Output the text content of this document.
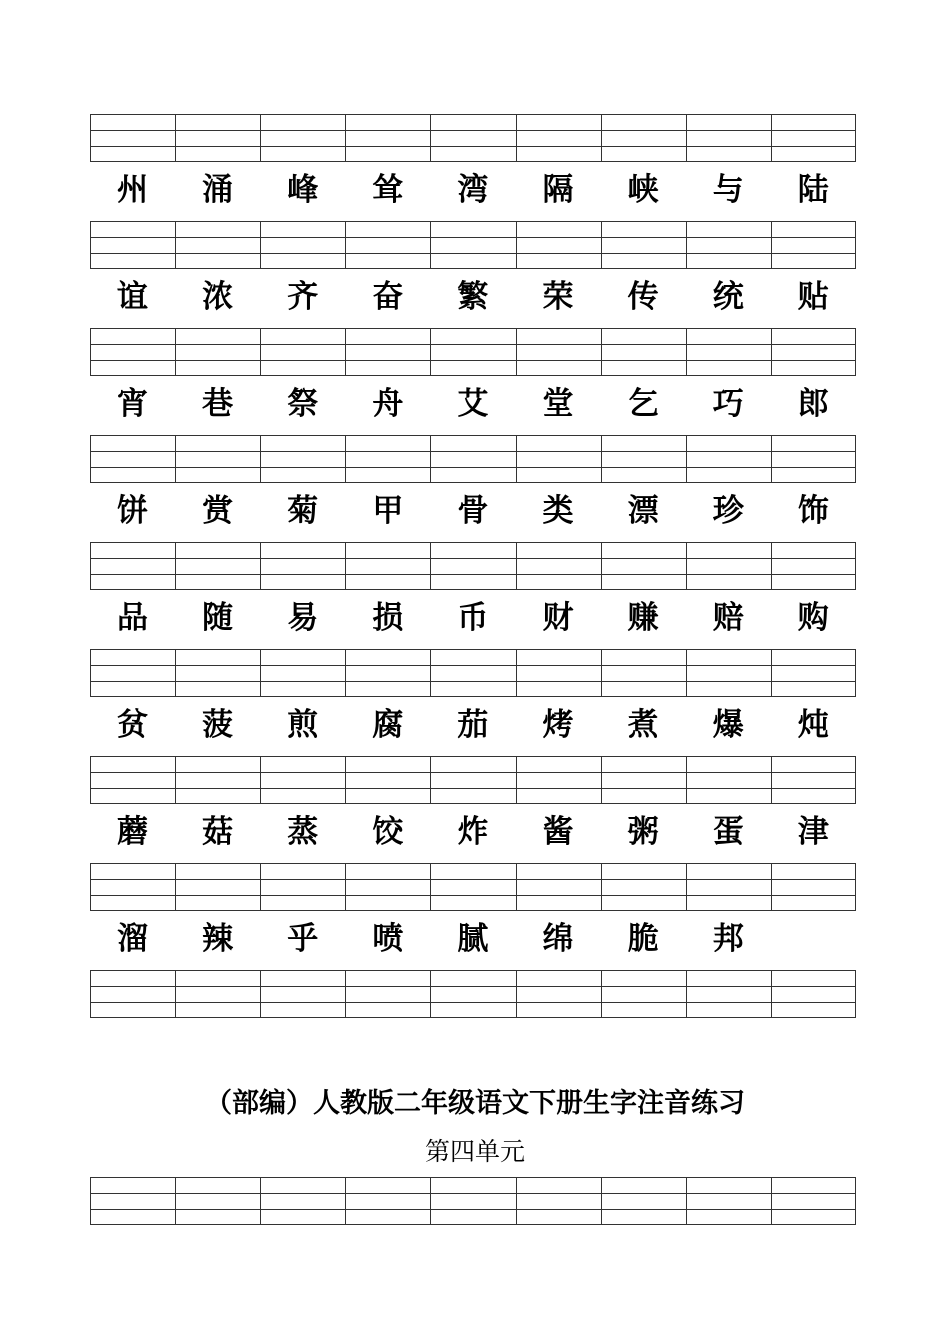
州	涌	峰	耸	湾	隔	峡	与	陆
谊	浓	齐	奋	繁	荣	传	统	贴
宵	巷	祭	舟	艾	堂	乞	巧	郎
饼	赏	菊	甲	骨	类	漂	珍	饰
品	随	易	损	币	财	赚	赔	购
贫	菠	煎	腐	茄	烤	煮	爆	炖
蘑	菇	蒸	饺	炸	酱	粥	蛋	津
溜	辣	乎	喷	腻	绵	脆	邦
（部编）人教版二年级语文下册生字注音练习
第四单元
